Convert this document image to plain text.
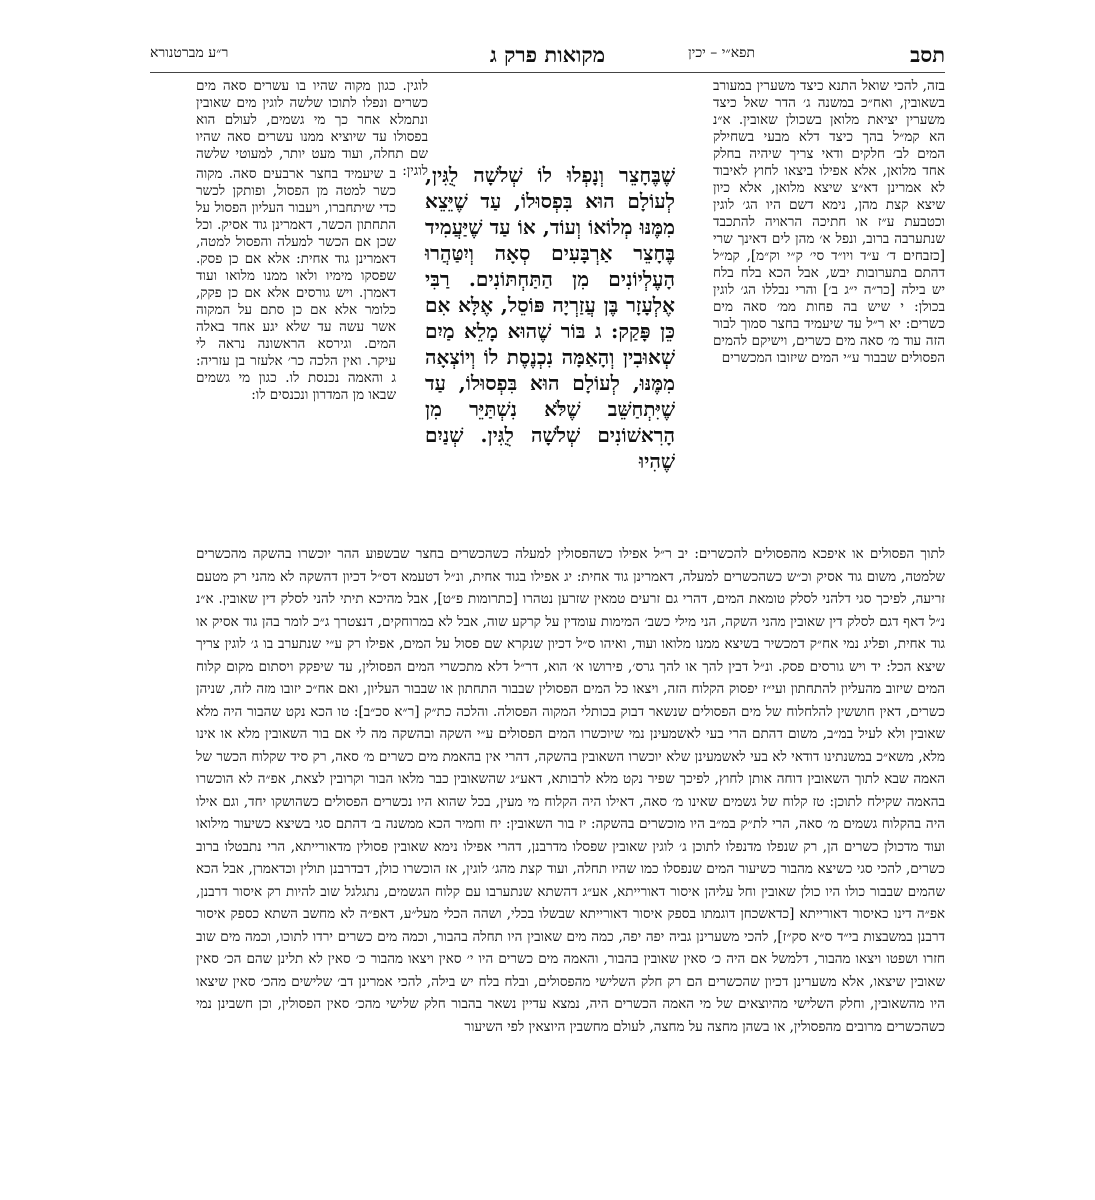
תסב
תפא״י – יכין
מקואות פרק ג
ר״ע מברטנורא
בזה, להכי שואל התנא כיצד משערין במעורב בשאובין, ואח״כ במשנה ג׳ הדר שאל כיצד משערין יציאת מלואן בשכולן שאובין. א״נ הא קמ״ל בהך כיצד דלא מבעי בשחילק המים לב׳ חלקים ודאי צריך שיהיה בחלק אחד מלואן, אלא אפילו ביצאו לחוץ לאיבוד לא אמרינן דא״צ שיצא מלואן, אלא כיון שיצא קצת מהן, נימא דשם היו הג׳ לוגין וכטבעת ע״ז או חתיכה הראויה להתכבד שנתערבה ברוב, ונפל א׳ מהן לים דאינך שרי [כזבחים ד׳ ע״ד ויו״ד סי׳ ק״י וק״מ], קמ״ל דהתם בתערובות יבש, אבל הכא בלח בלח יש בילה [כר״ה י״ג ב׳] והרי נבללו הג׳ לוגין בכולן: י שיש בה פחות ממ׳ סאה מים כשרים: יא ר״ל עד שיעמיד בחצר סמוך לבור הזה עוד מ׳ סאה מים כשרים, וישיקם להמים הפסולים שבבור ע״י המים שיזובו המכשרים
לוגין. כגון מקוה שהיו בו עשרים סאה מים כשרים ונפלו לתוכו שלשה לוגין מים שאובין ונתמלא אחר כך מי גשמים, לעולם הוא בפסולו עד שיוציא ממנו עשרים סאה שהיו שם תחלה, ועוד מעט יותר, למעוטי שלשה לוגין:
שֶׁבֶּחָצֵר וְנָפְלוּ לוֹ שְׁלֹשָׁה לֻגִּין, לְעוֹלָם הוּא בִּפְסוּלוֹ, עַד שֶׁיֵּצֵא מִמֶּנּוּ מְלוֹאוֹ וְעוֹד, אוֹ עַד שֶׁיַּעֲמִיד בֶּחָצֵר אַרְבָּעִים סְאָה וְיִטַּהֲרוּ הָעֶלְיוֹנִים מִן הַתַּחְתּוֹנִים. רַבִּי אֶלְעָזָר בֶּן עֲזַרְיָה פּוֹסֵל, אֶלָּא אִם כֵּן פָּקַק: ג בּוֹר שֶׁהוּא מָלֵא מַיִם שְׁאוּבִין וְהָאַמָּה נִכְנֶסֶת לוֹ וְיוֹצְאָה מִמֶּנּוּ, לְעוֹלָם הוּא בִּפְסוּלוֹ, עַד שֶׁיִּתְחַשֵּׁב שֶׁלֹּא נִשְׁתַּיֵּר מִן הָרִאשׁוֹנִים שְׁלֹשָׁה לֻגִּין. שְׁנַיִם שֶׁהִיוּ
ב שיעמיד בחצר ארבעים סאה. מקוה כשר למטה מן הפסול, ופותקן לכשר כדי שיתחברו, ויעבור העליון הפסול על התחתון הכשר, דאמרינן גוד אסיק. וכל שכן אם הכשר למעלה והפסול למטה, דאמרינן גוד אחית: אלא אם כן פסק. שפסקו מימיו ולאו ממנו מלואו ועוד דאמרן. ויש גורסים אלא אם כן פקק, כלומר אלא אם כן סתם על המקוה אשר עשה עד שלא יגע אחד באלה המים. וגירסא הראשונה נראה לי עיקר. ואין הלכה כר׳ אלעזר בן עזריה: ג והאמה נכנסת לו. כגון מי גשמים שבאו מן המדרון ונכנסים לו:
לתוך הפסולים או איפכא מהפסולים להכשרים: יב ר״ל אפילו כשהפסולין למעלה כשהכשרים בחצר שבשפוע ההר יוכשרו בהשקה מהכשרים שלמטה, משום גוד אסיק וכ״ש כשהכשרים למעלה, דאמרינן גוד אחית: יג אפילו בגוד אחית, ונ״ל דטעמא דס״ל דכיון דהשקה לא מהני רק מטעם זריעה, לפיכך סגי דלהני לסלק טומאת המים, דהרי גם זרעים טמאין שזרען נטהרו [כתרומות פ״ט], אבל מהיכא תיתי להני לסלק דין שאובין. א״נ נ״ל דאף דגם לסלק דין שאובין מהני השקה, הני מילי כשב׳ המימות עומדין על קרקע שוה, אבל לא במרוחקים, דנצטרך ג״כ לומר בהן גוד אסיק או גוד אחית, ופליג נמי אח״ק דמכשיר בשיצא ממנו מלואו ועוד, ואיהו ס״ל דכיון שנקרא שם פסול על המים, אפילו רק ע״י שנתערב בו ג׳ לוגין צריך שיצא הכל: יד ויש גורסים פסק. ונ״ל דבין להך או להך גרס׳, פירושו א׳ הוא, דר״ל דלא מתכשרי המים הפסולין, עד שיפקק ויסתום מקום קלוח המים שיזוב מהעליון להתחתון ועי״ז יפסוק הקלוח הזה, ויצאו כל המים הפסולין שבבור התחתון או שבבור העליון, ואם אח״כ יזובו מזה לזה, שניהן כשרים, דאין חוששין להלחלוח של מים הפסולים שנשאר דבוק בכותלי המקוה הפסולה. והלכה כת״ק [ר״א סכ״ב]: טו הכא נקט שהבור היה מלא שאובין ולא לעיל במ״ב, משום דהתם הרי בעי לאשמעינן נמי שיוכשרו המים הפסולים ע״י השקה ובהשקה מה לי אם בור השאובין מלא או אינו מלא, משא״כ במשנתינו דודאי לא בעי לאשמעינן שלא יוכשרו השאובין בהשקה, דהרי אין בהאמת מים כשרים מ׳ סאה, רק סיד שקלוח הכשר של האמה שבא לתוך השאובין דוחה אותן לחוץ, לפיכך שפיר נקט מלא לרבותא, דאע״ג שהשאובין כבר מלאו הבור וקרובין לצאת, אפ״ה לא הוכשרו בהאמה שקילח לתוכן: טז קלוח של גשמים שאינו מ׳ סאה, דאילו היה הקלוח מי מעין, בכל שהוא היו נכשרים הפסולים כשהושקו יחד, וגם אילו היה בהקלוח גשמים מ׳ סאה, הרי לת״ק במ״ב היו מוכשרים בהשקה: יז בור השאובין: יח וחמיר הכא ממשנה ב׳ דהתם סגי בשיצא כשיעור מילואו ועוד מדכולן כשרים הן, רק שנפלו מדנפלו לתוכן ג׳ לוגין שאובין שפסלו מדרבנן, דהרי אפילו נימא שאובין פסולין מדאורייתא, הרי נתבטלו ברוב כשרים, להכי סגי כשיצא מהבור כשיעור המים שנפסלו כמו שהיו תחלה, ועוד קצת מהג׳ לוגין, אז הוכשרו כולן, דבדרבנן תולין וכדאמרן, אבל הכא שהמים שבבור כולו היו כולן שאובין וחל עליהן איסור דאורייתא, אע״ג דהשתא שנתערבו עם קלוח הגשמים, נתגלגל שוב להיות רק איסור דרבנן, אפ״ה דינו כאיסור דאורייתא [כדאשכחן דוגמתו בספק איסור דאורייתא שבשלו בכלי, ושהה הכלי מעל״ע, דאפ״ה לא מחשב השתא כספק איסור דרבנן במשבצות בי״ד ס״א סק״ז], להכי משערינן גביה יפה יפה, כמה מים שאובין היו תחלה בהבור, וכמה מים כשרים ירדו לתוכו, וכמה מים שוב חזרו ושפטו ויצאו מהבור, דלמשל אם היה כ׳ סאין שאובין בהבור, והאמה מים כשרים היו י׳ סאין ויצאו מהבור כ׳ סאין לא תלינן שהם הכ׳ סאין שאובין שיצאו, אלא משערינן דכיון שהכשרים הם רק חלק השלישי מהפסולים, ובלח בלח יש בילה, להכי אמרינן דב׳ שלישים מהכ׳ סאין שיצאו היו מהשאובין, וחלק השלישי מהיוצאים של מי האמה הכשרים היה, נמצא עדיין נשאר בהבור חלק שלישי מהכ׳ סאין הפסולין, וכן חשבינן נמי כשהכשרים מרובים מהפסולין, או בשהן מחצה על מחצה, לעולם מחשבין היוצאין לפי השיעור
